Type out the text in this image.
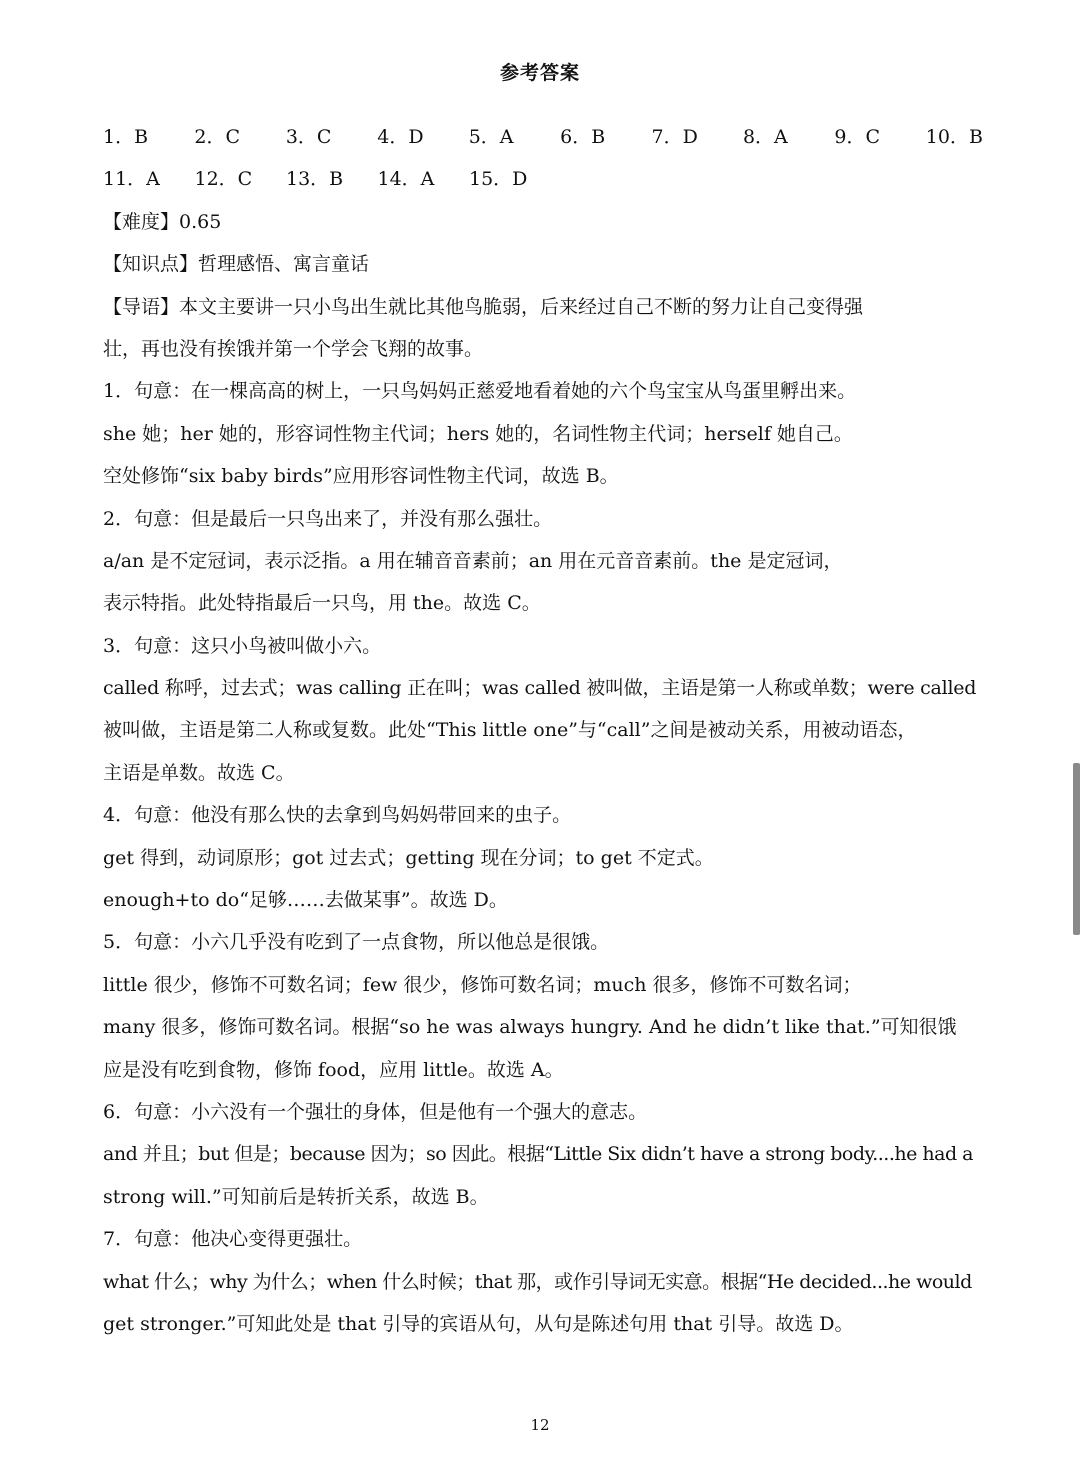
参考答案
1．B	2．C	3．C	4．D	5．A	6．B	7．D	8．A	9．C	10．B
11．A	12．C	13．B	14．A	15．D
【难度】0.65
【知识点】哲理感悟、寓言童话
【导语】本文主要讲一只小鸟出生就比其他鸟脆弱，后来经过自己不断的努力让自己变得强
壮，再也没有挨饿并第一个学会飞翔的故事。
1．句意：在一棵高高的树上，一只鸟妈妈正慈爱地看着她的六个鸟宝宝从鸟蛋里孵出来。
she 她；her 她的，形容词性物主代词；hers 她的，名词性物主代词；herself 她自己。
空处修饰“six baby birds”应用形容词性物主代词，故选 B。
2．句意：但是最后一只鸟出来了，并没有那么强壮。
a/an 是不定冠词，表示泛指。a 用在辅音音素前；an 用在元音音素前。the 是定冠词，
表示特指。此处特指最后一只鸟，用 the。故选 C。
3．句意：这只小鸟被叫做小六。
called 称呼，过去式；was calling 正在叫；was called 被叫做，主语是第一人称或单数；were called
被叫做，主语是第二人称或复数。此处“This little one”与“call”之间是被动关系，用被动语态，
主语是单数。故选 C。
4．句意：他没有那么快的去拿到鸟妈妈带回来的虫子。
get 得到，动词原形；got 过去式；getting 现在分词；to get 不定式。
enough+to do“足够……去做某事”。故选 D。
5．句意：小六几乎没有吃到了一点食物，所以他总是很饿。
little 很少，修饰不可数名词；few 很少，修饰可数名词；much 很多，修饰不可数名词；
many 很多，修饰可数名词。根据“so he was always hungry. And he didn’t like that.”可知很饿
应是没有吃到食物，修饰 food，应用 little。故选 A。
6．句意：小六没有一个强壮的身体，但是他有一个强大的意志。
and 并且；but 但是；because 因为；so 因此。根据“Little Six didn’t have a strong body....he had a
strong will.”可知前后是转折关系，故选 B。
7．句意：他决心变得更强壮。
what 什么；why 为什么；when 什么时候；that 那，或作引导词无实意。根据“He decided...he would
get stronger.”可知此处是 that 引导的宾语从句，从句是陈述句用 that 引导。故选 D。
12
